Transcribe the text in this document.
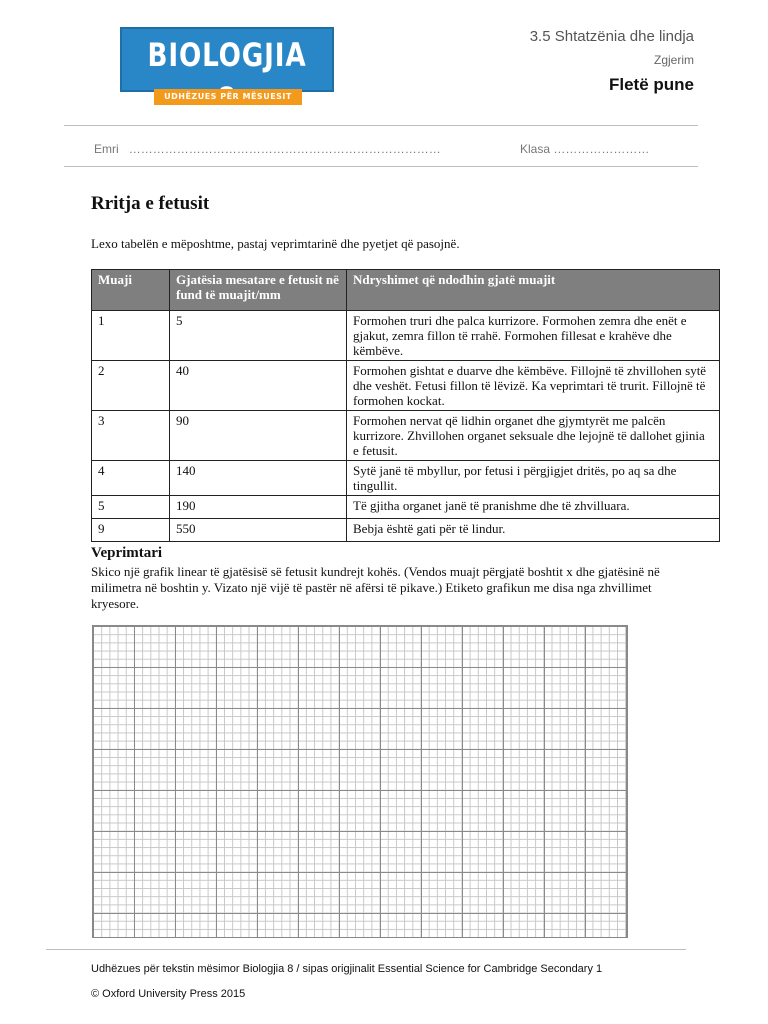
BIOLOGJIA
UDHËZUES PËR MËSUESIT
3.5 Shtatzënia dhe lindja
Zgjerim
Fletë pune
Emri ……………………………………………………………………	Klasa ……………………
Rritja e fetusit
Lexo tabelën e mëposhtme, pastaj veprimtarinë dhe pyetjet që pasojnë.
Muaji	Gjatësia mesatare e fetusit në fund të muajit/mm	Ndryshimet që ndodhin gjatë muajit
1	5	Formohen truri dhe palca kurrizore. Formohen zemra dhe enët e gjakut, zemra fillon të rrahë. Formohen fillesat e krahëve dhe këmbëve.
2	40	Formohen gishtat e duarve dhe këmbëve. Fillojnë të zhvillohen sytë dhe veshët. Fetusi fillon të lëvizë. Ka veprimtari të trurit. Fillojnë të formohen kockat.
3	90	Formohen nervat që lidhin organet dhe gjymtyrët me palcën kurrizore. Zhvillohen organet seksuale dhe lejojnë të dallohet gjinia e fetusit.
4	140	Sytë janë të mbyllur, por fetusi i përgjigjet dritës, po aq sa dhe tingullit.
5	190	Të gjitha organet janë të pranishme dhe të zhvilluara.
9	550	Bebja është gati për të lindur.
Veprimtari
Skico një grafik linear të gjatësisë së fetusit kundrejt kohës. (Vendos muajt përgjatë boshtit x dhe gjatësinë në milimetra në boshtin y. Vizato një vijë të pastër në afërsi të pikave.) Etiketo grafikun me disa nga zhvillimet kryesore.
Udhëzues për tekstin mësimor Biologjia 8 / sipas origjinalit Essential Science for Cambridge Secondary 1
© Oxford University Press 2015
